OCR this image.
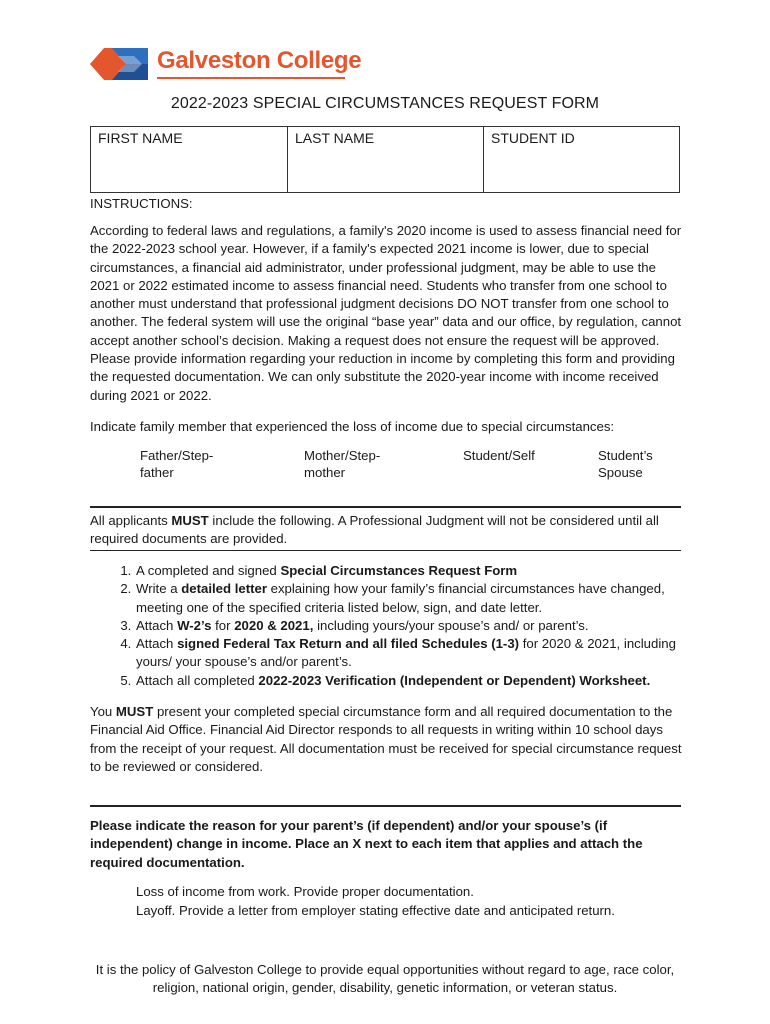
Galveston College
2022-2023 SPECIAL CIRCUMSTANCES REQUEST FORM
FIRST NAME	LAST NAME	STUDENT ID
INSTRUCTIONS:
According to federal laws and regulations, a family's 2020 income is used to assess financial need for the 2022-2023 school year. However, if a family's expected 2021 income is lower, due to special circumstances, a financial aid administrator, under professional judgment, may be able to use the 2021 or 2022 estimated income to assess financial need. Students who transfer from one school to another must understand that professional judgment decisions DO NOT transfer from one school to another. The federal system will use the original “base year” data and our office, by regulation, cannot accept another school’s decision. Making a request does not ensure the request will be approved. Please provide information regarding your reduction in income by completing this form and providing the requested documentation. We can only substitute the 2020-year income with income received during 2021 or 2022.
Indicate family member that experienced the loss of income due to special circumstances:
Father/Step-father
Mother/Step-mother
Student/Self	Student’s Spouse
All applicants MUST include the following. A Professional Judgment will not be considered until all required documents are provided.
1. A completed and signed Special Circumstances Request Form
2. Write a detailed letter explaining how your family’s financial circumstances have changed, meeting one of the specified criteria listed below, sign, and date letter.
3. Attach W-2’s for 2020 & 2021, including yours/your spouse’s and/ or parent’s.
4. Attach signed Federal Tax Return and all filed Schedules (1-3) for 2020 & 2021, including yours/ your spouse’s and/or parent’s.
5. Attach all completed 2022-2023 Verification (Independent or Dependent) Worksheet.
You MUST present your completed special circumstance form and all required documentation to the Financial Aid Office. Financial Aid Director responds to all requests in writing within 10 school days from the receipt of your request. All documentation must be received for special circumstance request to be reviewed or considered.
Please indicate the reason for your parent’s (if dependent) and/or your spouse’s (if independent) change in income. Place an X next to each item that applies and attach the required documentation.
Loss of income from work. Provide proper documentation.
Layoff. Provide a letter from employer stating effective date and anticipated return.
It is the policy of Galveston College to provide equal opportunities without regard to age, race color, religion, national origin, gender, disability, genetic information, or veteran status.
